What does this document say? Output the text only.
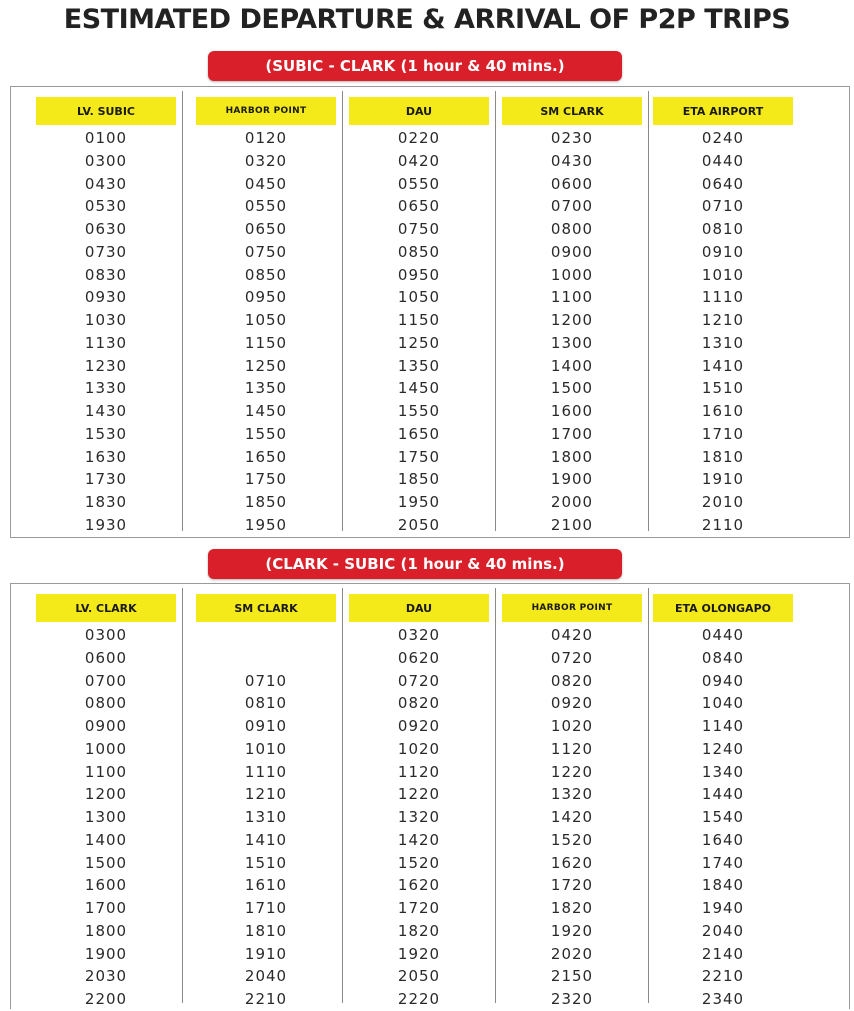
ESTIMATED DEPARTURE & ARRIVAL OF P2P TRIPS
(SUBIC - CLARK (1 hour & 40 mins.)
LV. SUBIC
0100
0300
0430
0530
0630
0730
0830
0930
1030
1130
1230
1330
1430
1530
1630
1730
1830
1930
HARBOR POINT
0120
0320
0450
0550
0650
0750
0850
0950
1050
1150
1250
1350
1450
1550
1650
1750
1850
1950
DAU
0220
0420
0550
0650
0750
0850
0950
1050
1150
1250
1350
1450
1550
1650
1750
1850
1950
2050
SM CLARK
0230
0430
0600
0700
0800
0900
1000
1100
1200
1300
1400
1500
1600
1700
1800
1900
2000
2100
ETA AIRPORT
0240
0440
0640
0710
0810
0910
1010
1110
1210
1310
1410
1510
1610
1710
1810
1910
2010
2110
(CLARK - SUBIC (1 hour & 40 mins.)
LV. CLARK
0300
0600
0700
0800
0900
1000
1100
1200
1300
1400
1500
1600
1700
1800
1900
2030
2200
SM CLARK
0710
0810
0910
1010
1110
1210
1310
1410
1510
1610
1710
1810
1910
2040
2210
DAU
0320
0620
0720
0820
0920
1020
1120
1220
1320
1420
1520
1620
1720
1820
1920
2050
2220
HARBOR POINT
0420
0720
0820
0920
1020
1120
1220
1320
1420
1520
1620
1720
1820
1920
2020
2150
2320
ETA OLONGAPO
0440
0840
0940
1040
1140
1240
1340
1440
1540
1640
1740
1840
1940
2040
2140
2210
2340
